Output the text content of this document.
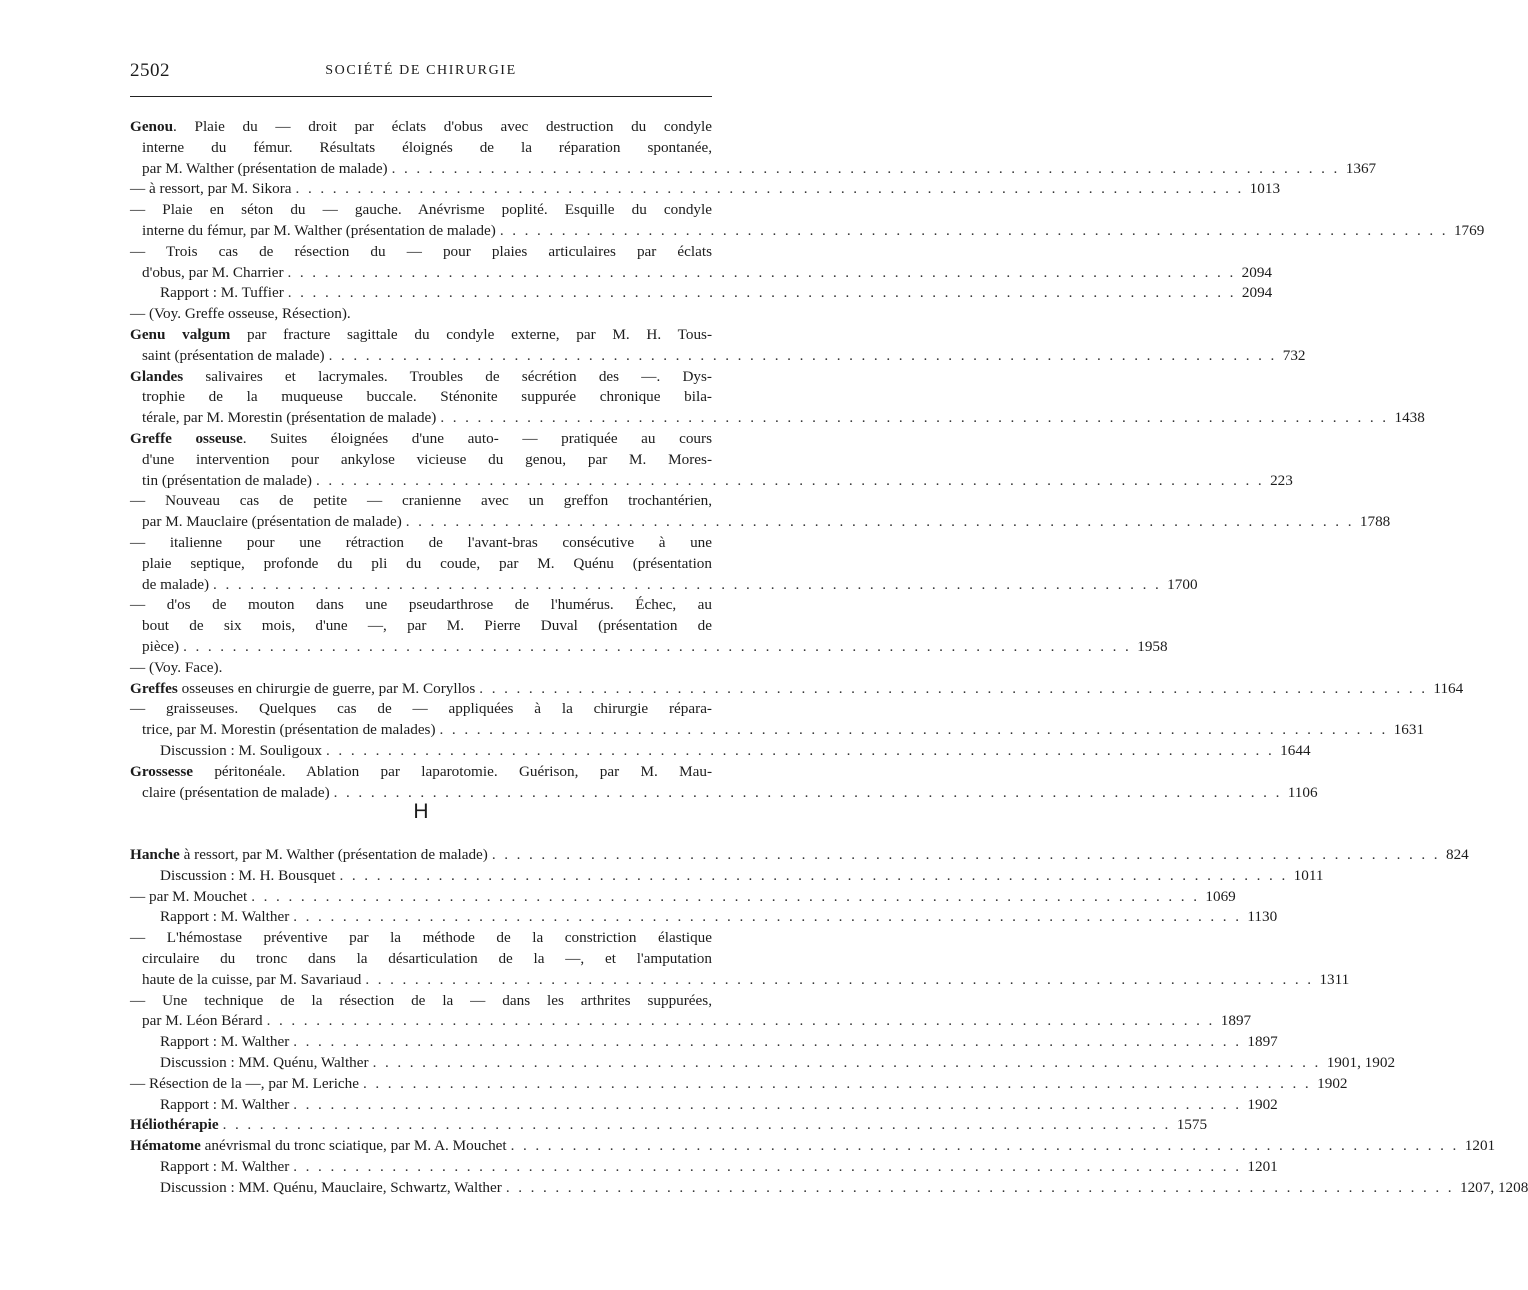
2502	SOCIÉTÉ DE CHIRURGIE
Genou. Plaie du — droit par éclats d'obus avec destruction du condyle
interne du fémur. Résultats éloignés de la réparation spontanée,
par M. Walther (présentation de malade) . . .	1367
— à ressort, par M. Sikora . . .	1013
— Plaie en séton du — gauche. Anévrisme poplité. Esquille du condyle
interne du fémur, par M. Walther (présentation de malade) . . .	1769
— Trois cas de résection du — pour plaies articulaires par éclats
d'obus, par M. Charrier . . .	2094
Rapport : M. Tuffier . . .	2094
— (Voy. Greffe osseuse, Résection).
Genu valgum par fracture sagittale du condyle externe, par M. H. Tous-
saint (présentation de malade) . . .	732
Glandes salivaires et lacrymales. Troubles de sécrétion des —. Dys-
trophie de la muqueuse buccale. Sténonite suppurée chronique bila-
térale, par M. Morestin (présentation de malade) . . .	1438
Greffe osseuse. Suites éloignées d'une auto- — pratiquée au cours
d'une intervention pour ankylose vicieuse du genou, par M. Mores-
tin (présentation de malade) . . .	223
— Nouveau cas de petite — cranienne avec un greffon trochantérien,
par M. Mauclaire (présentation de malade) . . .	1788
— italienne pour une rétraction de l'avant-bras consécutive à une
plaie septique, profonde du pli du coude, par M. Quénu (présentation
de malade) . . .	1700
— d'os de mouton dans une pseudarthrose de l'humérus. Échec, au
bout de six mois, d'une —, par M. Pierre Duval (présentation de
pièce) . . .	1958
— (Voy. Face).
Greffes osseuses en chirurgie de guerre, par M. Coryllos . . .	1164
— graisseuses. Quelques cas de — appliquées à la chirurgie répara-
trice, par M. Morestin (présentation de malades) . . .	1631
Discussion : M. Souligoux . . .	1644
Grossesse péritonéale. Ablation par laparotomie. Guérison, par M. Mau-
claire (présentation de malade) . . .	1106
H
Hanche à ressort, par M. Walther (présentation de malade) . . .	824
Discussion : M. H. Bousquet . . .	1011
— par M. Mouchet . . .	1069
Rapport : M. Walther . . .	1130
— L'hémostase préventive par la méthode de la constriction élastique
circulaire du tronc dans la désarticulation de la —, et l'amputation
haute de la cuisse, par M. Savariaud . . .	1311
— Une technique de la résection de la — dans les arthrites suppurées,
par M. Léon Bérard . . .	1897
Rapport : M. Walther . . .	1897
Discussion : MM. Quénu, Walther . . .	1901, 1902
— Résection de la —, par M. Leriche . . .	1902
Rapport : M. Walther . . .	1902
Héliothérapie . . .	1575
Hématome anévrismal du tronc sciatique, par M. A. Mouchet . . .	1201
Rapport : M. Walther . . .	1201
Discussion : MM. Quénu, Mauclaire, Schwartz, Walther . . .	1207, 1208
